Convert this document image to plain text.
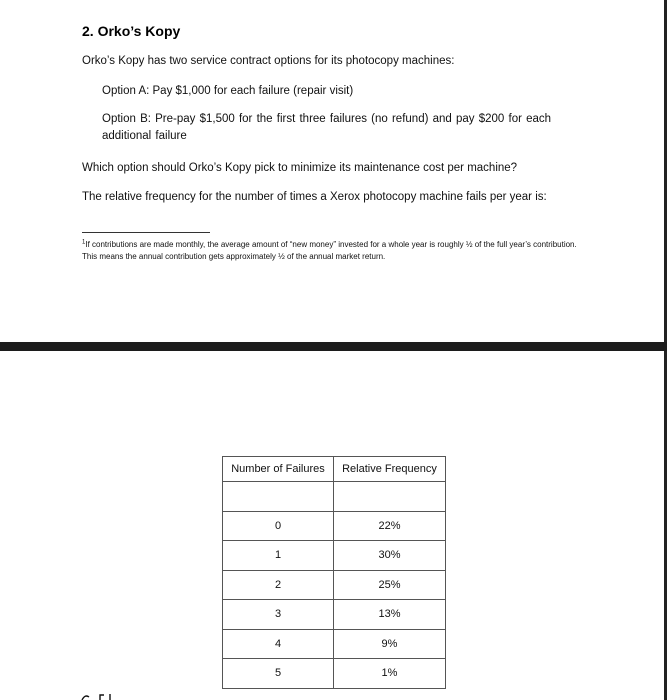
2. Orko’s Kopy
Orko’s Kopy has two service contract options for its photocopy machines:
Option A: Pay $1,000 for each failure (repair visit)
Option B: Pre-pay $1,500 for the first three failures (no refund) and pay $200 for each additional failure
Which option should Orko’s Kopy pick to minimize its maintenance cost per machine?
The relative frequency for the number of times a Xerox photocopy machine fails per year is:
$^1$If contributions are made monthly, the average amount of “new money” invested for a whole year is roughly ½ of the full year’s contribution. This means the annual contribution gets approximately ½ of the annual market return.
Number of Failures	Relative Frequency

0	22%
1	30%
2	25%
3	13%
4	9%
5	1%
